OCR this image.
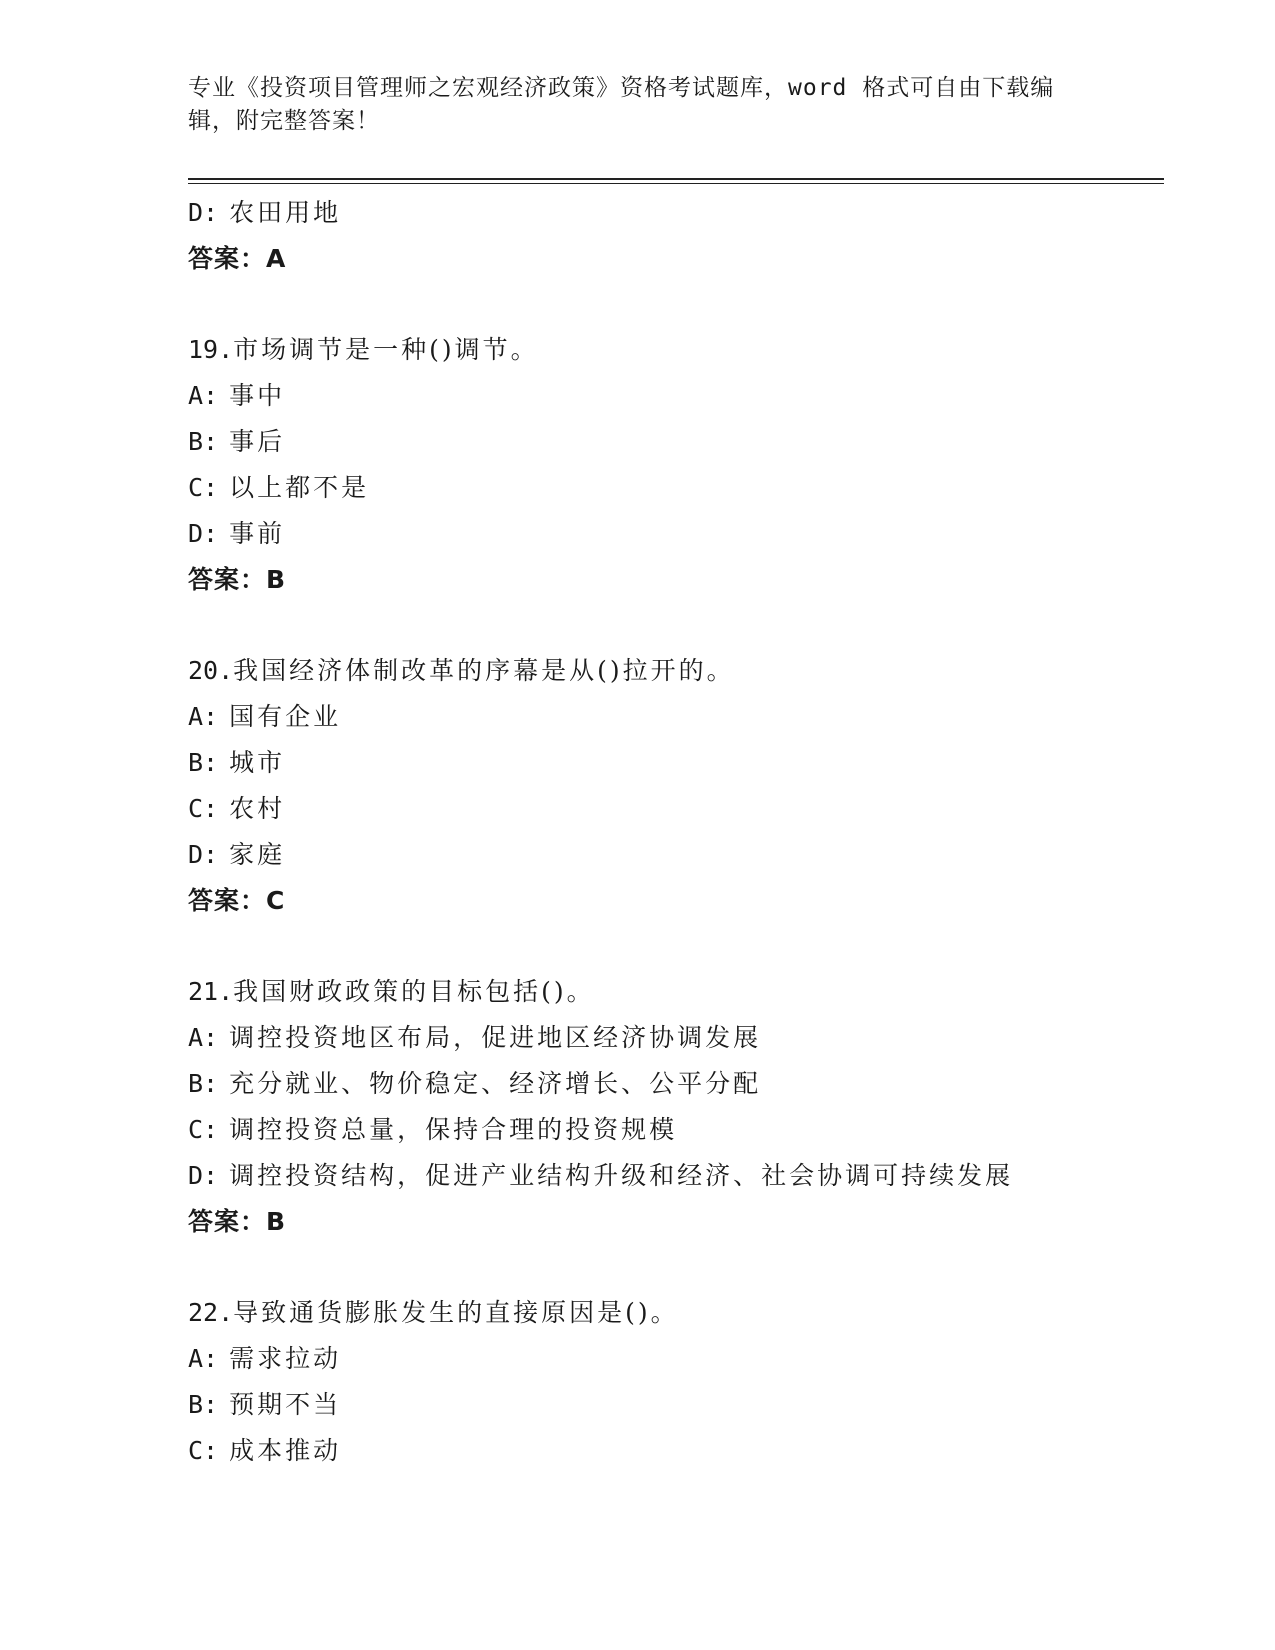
专业《投资项目管理师之宏观经济政策》资格考试题库，word 格式可自由下载编
辑，附完整答案！
D: 农田用地
答案：A
19.市场调节是一种()调节。
A: 事中
B: 事后
C: 以上都不是
D: 事前
答案：B
20.我国经济体制改革的序幕是从()拉开的。
A: 国有企业
B: 城市
C: 农村
D: 家庭
答案：C
21.我国财政政策的目标包括()。
A: 调控投资地区布局，促进地区经济协调发展
B: 充分就业、物价稳定、经济增长、公平分配
C: 调控投资总量，保持合理的投资规模
D: 调控投资结构，促进产业结构升级和经济、社会协调可持续发展
答案：B
22.导致通货膨胀发生的直接原因是()。
A: 需求拉动
B: 预期不当
C: 成本推动
